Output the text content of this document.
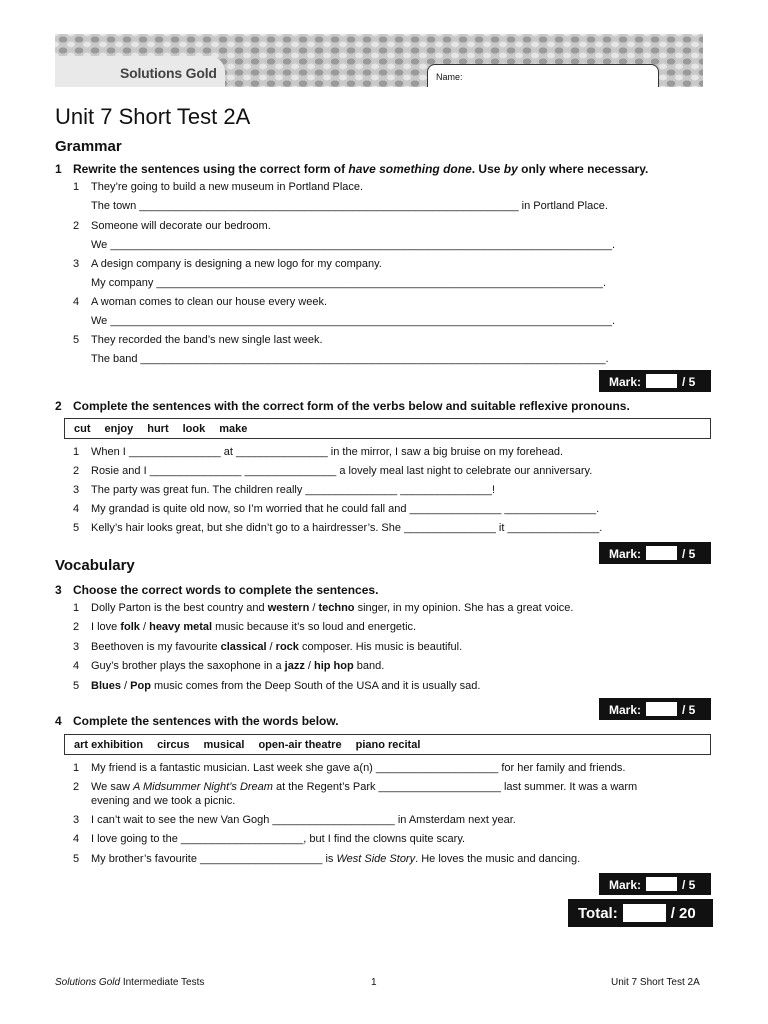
Solutions Gold	Name:
Unit 7 Short Test 2A
Grammar
1 Rewrite the sentences using the correct form of have something done. Use by only where necessary.
Mark:	/ 5
2 Complete the sentences with the correct form of the verbs below and suitable reflexive pronouns.
cut enjoy hurt look make
Mark:	/ 5
Vocabulary
3 Choose the correct words to complete the sentences.
Mark:	/ 5
4 Complete the sentences with the words below.
art exhibition circus musical open-air theatre piano recital
Mark:	/ 5
Total:	/ 20
Solutions Gold Intermediate Tests	1	Unit 7 Short Test 2A
1 They’re going to build a new museum in Portland Place.
The town ______________________________________________________________ in Portland Place.
2 Someone will decorate our bedroom.
We __________________________________________________________________________________.
3 A design company is designing a new logo for my company.
My company _________________________________________________________________________.
4 A woman comes to clean our house every week.
We __________________________________________________________________________________.
5 They recorded the band’s new single last week.
The band ____________________________________________________________________________.
1 When I _______________ at _______________ in the mirror, I saw a big bruise on my forehead.
2 Rosie and I _______________ _______________ a lovely meal last night to celebrate our anniversary.
3 The party was great fun. The children really _______________ _______________!
4 My grandad is quite old now, so I’m worried that he could fall and _______________ _______________.
5 Kelly’s hair looks great, but she didn’t go to a hairdresser’s. She _______________ it _______________.
1 Dolly Parton is the best country and western / techno singer, in my opinion. She has a great voice.
2 I love folk / heavy metal music because it’s so loud and energetic.
3 Beethoven is my favourite classical / rock composer. His music is beautiful.
4 Guy’s brother plays the saxophone in a jazz / hip hop band.
5 Blues / Pop music comes from the Deep South of the USA and it is usually sad.
1 My friend is a fantastic musician. Last week she gave a(n) ____________________ for her family and friends.
2 We saw A Midsummer Night’s Dream at the Regent’s Park ____________________ last summer. It was a warm
evening and we took a picnic.
3 I can’t wait to see the new Van Gogh ____________________ in Amsterdam next year.
4 I love going to the ____________________, but I find the clowns quite scary.
5 My brother’s favourite ____________________ is West Side Story. He loves the music and dancing.
